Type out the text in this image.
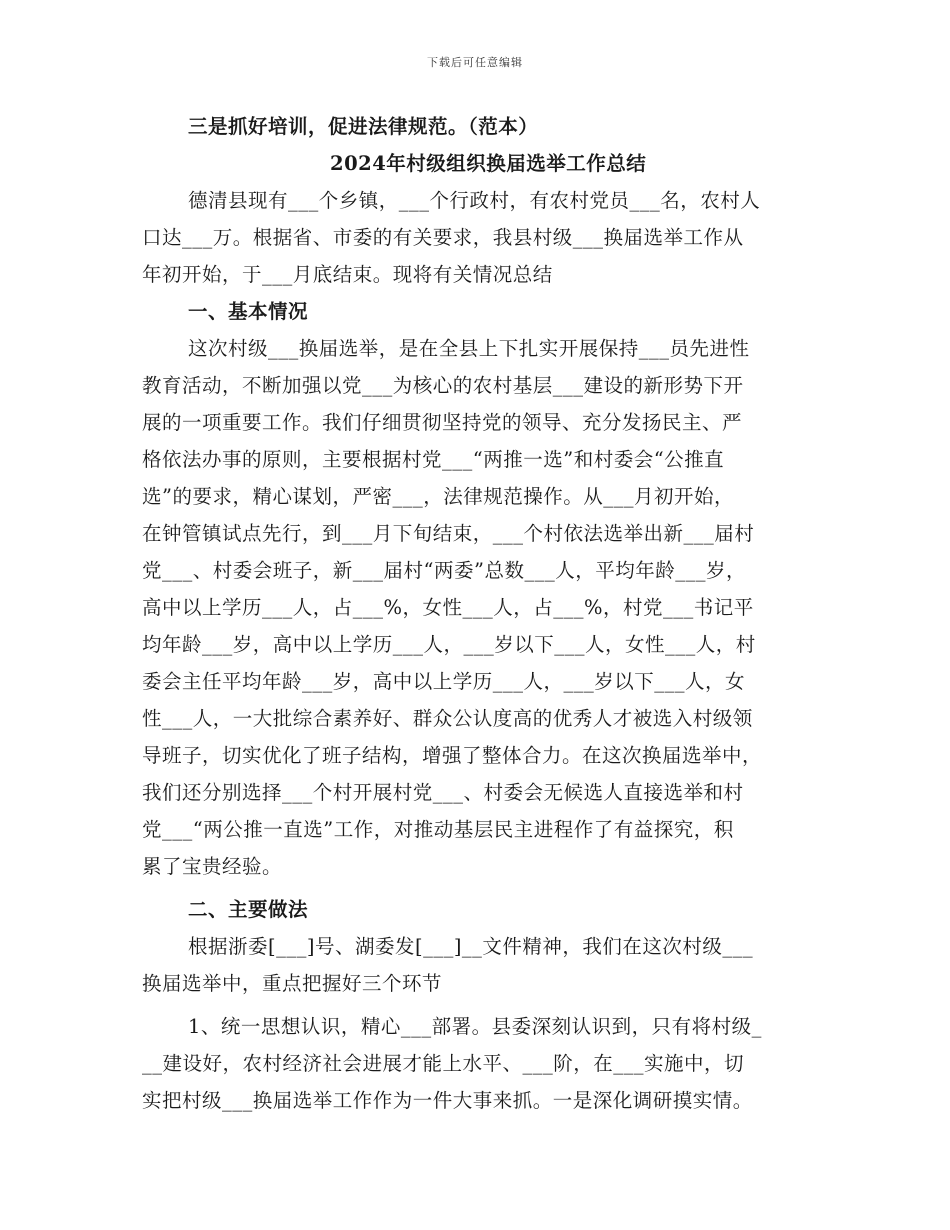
下载后可任意编辑
三是抓好培训，促进法律规范。（范本）
2024年村级组织换届选举工作总结
德清县现有___个乡镇，___个行政村，有农村党员___名，农村人
口达___万。根据省、市委的有关要求，我县村级___换届选举工作从
年初开始，于___月底结束。现将有关情况总结
一、基本情况
这次村级___换届选举，是在全县上下扎实开展保持___员先进性
教育活动，不断加强以党___为核心的农村基层___建设的新形势下开
展的一项重要工作。我们仔细贯彻坚持党的领导、充分发扬民主、严
格依法办事的原则，主要根据村党___“两推一选”和村委会“公推直
选”的要求，精心谋划，严密___，法律规范操作。从___月初开始，
在钟管镇试点先行，到___月下旬结束，___个村依法选举出新___届村
党___、村委会班子，新___届村“两委”总数___人，平均年龄___岁，
高中以上学历___人，占___%，女性___人，占___%，村党___书记平
均年龄___岁，高中以上学历___人，___岁以下___人，女性___人，村
委会主任平均年龄___岁，高中以上学历___人，___岁以下___人，女
性___人，一大批综合素养好、群众公认度高的优秀人才被选入村级领
导班子，切实优化了班子结构，增强了整体合力。在这次换届选举中，
我们还分别选择___个村开展村党___、村委会无候选人直接选举和村
党___“两公推一直选”工作，对推动基层民主进程作了有益探究，积
累了宝贵经验。
二、主要做法
根据浙委[___]号、湖委发[___]__文件精神，我们在这次村级___
换届选举中，重点把握好三个环节
1、统一思想认识，精心___部署。县委深刻认识到，只有将村级_
__建设好，农村经济社会进展才能上水平、___阶，在___实施中，切
实把村级___换届选举工作作为一件大事来抓。一是深化调研摸实情。
